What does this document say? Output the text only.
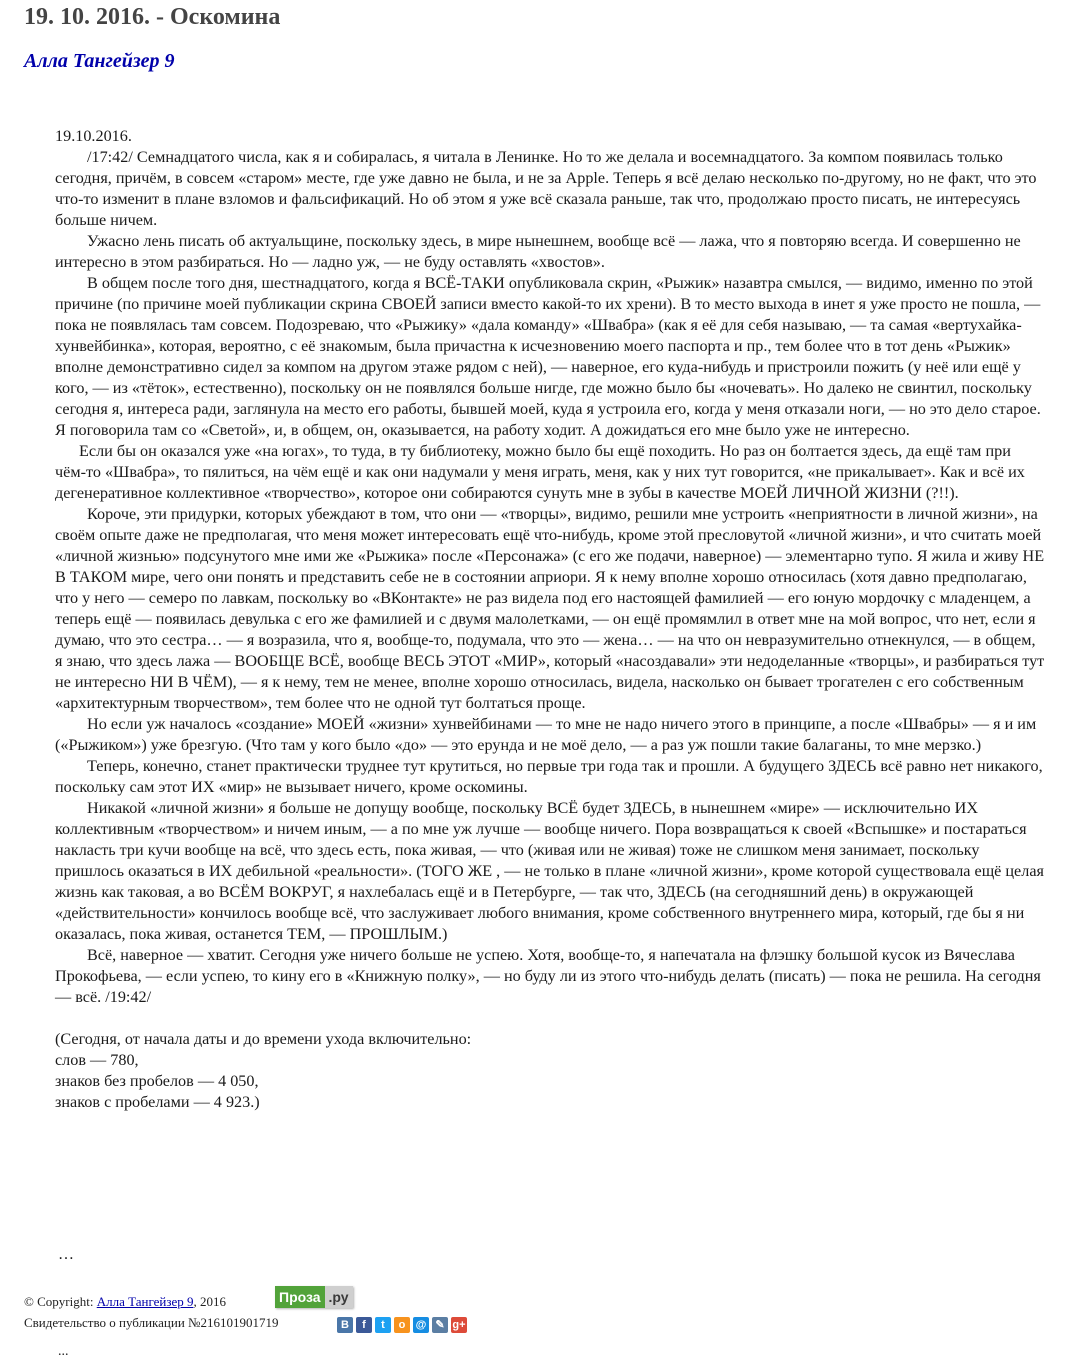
19. 10. 2016. - Оскомина
Алла Тангейзер 9

19.10.2016.

/17:42/ Семнадцатого числа, как я и собиралась, я читала в Ленинке. Но то же делала и восемнадцатого. За компом появилась только сегодня, причём, в совсем «старом» месте, где уже давно не была, и не за Apple. Теперь я всё делаю несколько по-другому, но не факт, что это что-то изменит в плане взломов и фальсификаций. Но об этом я уже всё сказала раньше, так что, продолжаю просто писать, не интересуясь больше ничем.

Ужасно лень писать об актуальщине, поскольку здесь, в мире нынешнем, вообще всё — лажа, что я повторяю всегда. И совершенно не интересно в этом разбираться. Но — ладно уж, — не буду оставлять «хвостов».

В общем после того дня, шестнадцатого, когда я ВСЁ-ТАКИ опубликовала скрин, «Рыжик» назавтра смылся, — видимо, именно по этой причине (по причине моей публикации скрина СВОЕЙ записи вместо какой-то их хрени). В то место выхода в инет я уже просто не пошла, — пока не появлялась там совсем. Подозреваю, что «Рыжику» «дала команду» «Швабра» (как я её для себя называю, — та самая «вертухайка-хунвейбинка», которая, вероятно, с её знакомым, была причастна к исчезновению моего паспорта и пр., тем более что в тот день «Рыжик» вполне демонстративно сидел за компом на другом этаже рядом с ней), — наверное, его куда-нибудь и пристроили пожить (у неё или ещё у кого, — из «тёток», естественно), поскольку он не появлялся больше нигде, где можно было бы «ночевать». Но далеко не свинтил, поскольку сегодня я, интереса ради, заглянула на место его работы, бывшей моей, куда я устроила его, когда у меня отказали ноги, — но это дело старое. Я поговорила там со «Светой», и, в общем, он, оказывается, на работу ходит. А дожидаться его мне было уже не интересно.

Если бы он оказался уже «на югах», то туда, в ту библиотеку, можно было бы ещё походить. Но раз он болтается здесь, да ещё там при чём-то «Швабра», то пялиться, на чём ещё и как они надумали у меня играть, меня, как у них тут говорится, «не прикалывает». Как и всё их дегенеративное коллективное «творчество», которое они собираются сунуть мне в зубы в качестве МОЕЙ ЛИЧНОЙ ЖИЗНИ (?!!).

Короче, эти придурки, которых убеждают в том, что они — «творцы», видимо, решили мне устроить «неприятности в личной жизни», на своём опыте даже не предполагая, что меня может интересовать ещё что-нибудь, кроме этой пресловутой «личной жизни», и что считать моей «личной жизнью» подсунутого мне ими же «Рыжика» после «Персонажа» (с его же подачи, наверное) — элементарно тупо. Я жила и живу НЕ В ТАКОМ мире, чего они понять и представить себе не в состоянии априори. Я к нему вполне хорошо относилась (хотя давно предполагаю, что у него — семеро по лавкам, поскольку во «ВКонтакте» не раз видела под его настоящей фамилией — его юную мордочку с младенцем, а теперь ещё — появилась девулька с его же фамилией и с двумя малолетками, — он ещё промямлил в ответ мне на мой вопрос, что нет, если я думаю, что это сестра… — я возразила, что я, вообще-то, подумала, что это — жена… — на что он невразумительно отнекнулся, — в общем, я знаю, что здесь лажа — ВООБЩЕ ВСЁ, вообще ВЕСЬ ЭТОТ «МИР», который «насоздавали» эти недоделанные «творцы», и разбираться тут не интересно НИ В ЧЁМ), — я к нему, тем не менее, вполне хорошо относилась, видела, насколько он бывает трогателен с его собственным «архитектурным творчеством», тем более что не одной тут болтаться проще.

Но если уж началось «создание» МОЕЙ «жизни» хунвейбинами — то мне не надо ничего этого в принципе, а после «Швабры» — я и им («Рыжиком») уже брезгую. (Что там у кого было «до» — это ерунда и не моё дело, — а раз уж пошли такие балаганы, то мне мерзко.)

Теперь, конечно, станет практически труднее тут крутиться, но первые три года так и прошли. А будущего ЗДЕСЬ всё равно нет никакого, поскольку сам этот ИХ «мир» не вызывает ничего, кроме оскомины.

Никакой «личной жизни» я больше не допущу вообще, поскольку ВСЁ будет ЗДЕСЬ, в нынешнем «мире» — исключительно ИХ коллективным «творчеством» и ничем иным, — а по мне уж лучше — вообще ничего. Пора возвращаться к своей «Вспышке» и постараться накласть три кучи вообще на всё, что здесь есть, пока живая, — что (живая или не живая) тоже не слишком меня занимает, поскольку пришлось оказаться в ИХ дебильной «реальности». (ТОГО ЖЕ , — не только в плане «личной жизни», кроме которой существовала ещё целая жизнь как таковая, а во ВСЁМ ВОКРУГ, я нахлебалась ещё и в Петербурге, — так что, ЗДЕСЬ (на сегодняшний день) в окружающей «действительности» кончилось вообще всё, что заслуживает любого внимания, кроме собственного внутреннего мира, который, где бы я ни оказалась, пока живая, останется ТЕМ, — ПРОШЛЫМ.)

Всё, наверное — хватит. Сегодня уже ничего больше не успею. Хотя, вообще-то, я напечатала на флэшку большой кусок из Вячеслава Прокофьева, — если успею, то кину его в «Книжную полку», — но буду ли из этого что-нибудь делать (писать) — пока не решила. На сегодня — всё. /19:42/

(Сегодня, от начала даты и до времени ухода включительно:

слов — 780,

знаков без пробелов — 4 050,

знаков с пробелами — 4 923.)

…
© Copyright: Алла Тангейзер 9, 2016	Проза .ру
Свидетельство о публикации №216101901719	В	f	t	o @ ✎ g+
...
